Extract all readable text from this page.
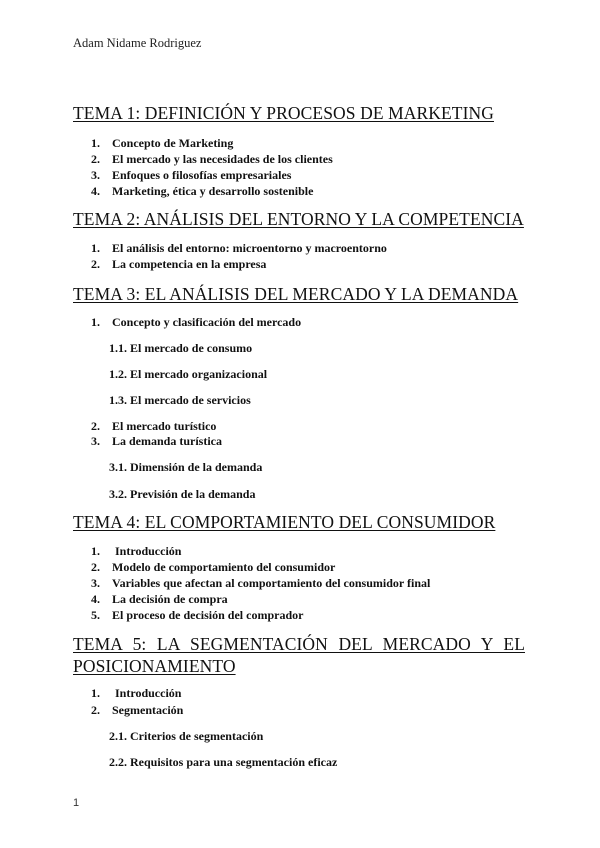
Adam Nidame Rodriguez
TEMA 1: DEFINICIÓN Y PROCESOS DE MARKETING
1. Concepto de Marketing
2. El mercado y las necesidades de los clientes
3. Enfoques o filosofías empresariales
4. Marketing, ética y desarrollo sostenible
TEMA 2: ANÁLISIS DEL ENTORNO Y LA COMPETENCIA
1. El análisis del entorno: microentorno y macroentorno
2. La competencia en la empresa
TEMA 3: EL ANÁLISIS DEL MERCADO Y LA DEMANDA
1. Concepto y clasificación del mercado
1.1. El mercado de consumo
1.2. El mercado organizacional
1.3. El mercado de servicios
2. El mercado turístico
3. La demanda turística
3.1. Dimensión de la demanda
3.2. Previsión de la demanda
TEMA 4: EL COMPORTAMIENTO DEL CONSUMIDOR
1. Introducción
2. Modelo de comportamiento del consumidor
3. Variables que afectan al comportamiento del consumidor final
4. La decisión de compra
5. El proceso de decisión del comprador
TEMA 5: LA SEGMENTACIÓN DEL MERCADO Y EL POSICIONAMIENTO
1. Introducción
2. Segmentación
2.1. Criterios de segmentación
2.2. Requisitos para una segmentación eficaz
1
